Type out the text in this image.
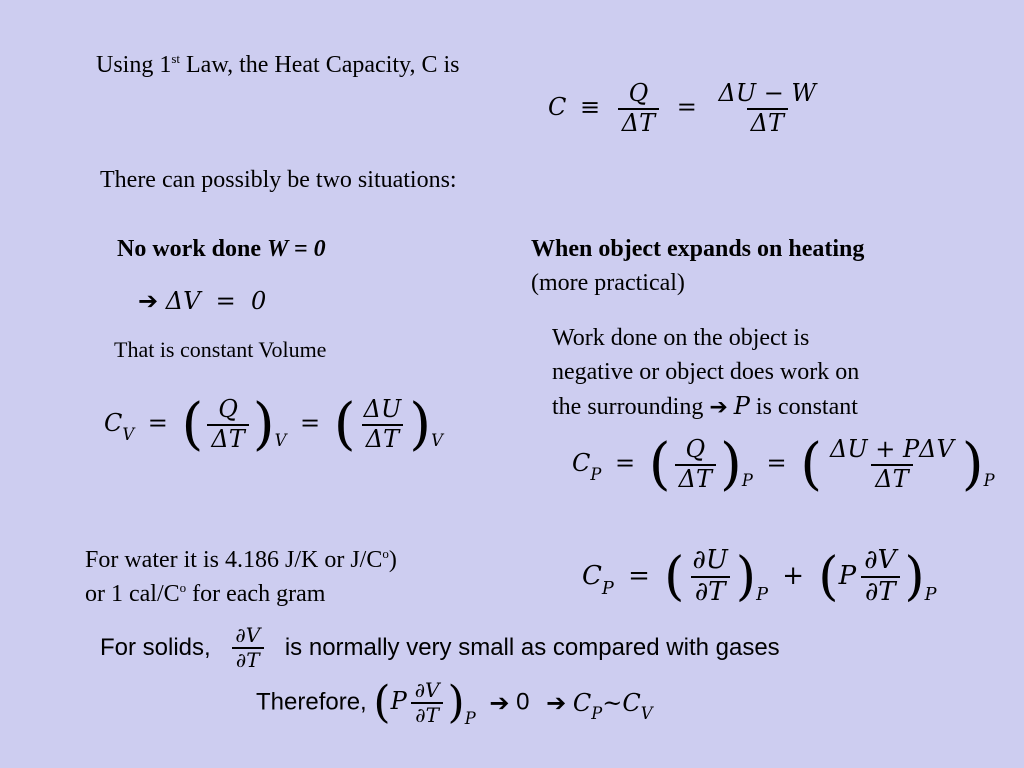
Using 1st Law, the Heat Capacity, C is
$C \equiv \frac{Q}{\Delta T} = \frac{\Delta U - W}{\Delta T}$
There can possibly be two situations:
No work done W = 0
➔ ΔV  =  0
That is constant Volume
$C_V$ = ( $\frac{Q}{\Delta T} )_V$ = ( $\frac{\Delta U}{\Delta T} )_V$
When object expands on heating
(more practical)
Work done on the object is
negative or object does work on
the surrounding ➔ P is constant
$C_P$ = ( $\frac{Q}{\Delta T} )_P$ = ( $\frac{\text{ΔU + PΔV}}{\Delta T} )_P$
$C_P$ = ( $\frac{\partial U}{\partial T} )_P + (P \frac{\partial V}{\partial T} )_P$
For water it is 4.186 J/K or $J/C^o$)
or 1 cal/$C^o$ for each gram
For solids, $\frac{\partial V}{\partial T}$ is normally very small as compared with gases
Therefore, $(P \frac{\partial V}{\partial T} )_P$ ➔ 0 ➔ $C_P\sim C_V$
